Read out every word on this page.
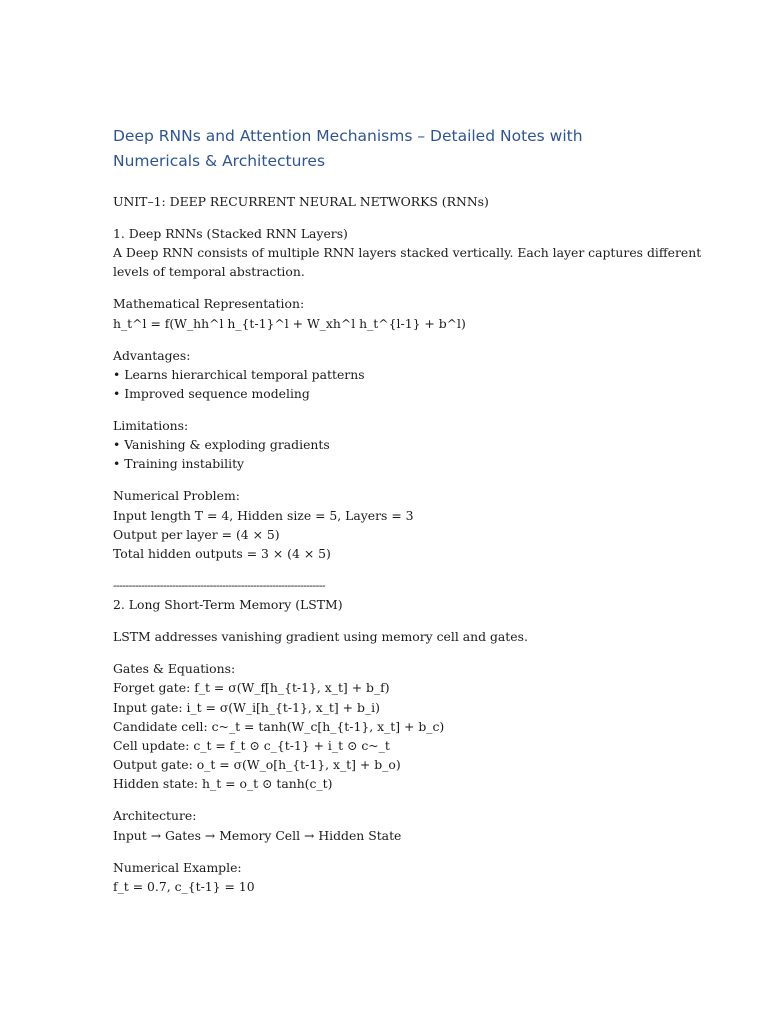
Deep RNNs and Attention Mechanisms – Detailed Notes with Numericals & Architectures
UNIT–1: DEEP RECURRENT NEURAL NETWORKS (RNNs)
1. Deep RNNs (Stacked RNN Layers)
A Deep RNN consists of multiple RNN layers stacked vertically. Each layer captures different
levels of temporal abstraction.
Mathematical Representation:
h_t^l = f(W_hh^l h_{t-1}^l + W_xh^l h_t^{l-1} + b^l)
Advantages:
• Learns hierarchical temporal patterns
• Improved sequence modeling
Limitations:
• Vanishing & exploding gradients
• Training instability
Numerical Problem:
Input length T = 4, Hidden size = 5, Layers = 3
Output per layer = (4 × 5)
Total hidden outputs = 3 × (4 × 5)
--------------------------------------------------------------------
2. Long Short-Term Memory (LSTM)
LSTM addresses vanishing gradient using memory cell and gates.
Gates & Equations:
Forget gate: f_t = σ(W_f[h_{t-1}, x_t] + b_f)
Input gate: i_t = σ(W_i[h_{t-1}, x_t] + b_i)
Candidate cell: c~_t = tanh(W_c[h_{t-1}, x_t] + b_c)
Cell update: c_t = f_t ⊙ c_{t-1} + i_t ⊙ c~_t
Output gate: o_t = σ(W_o[h_{t-1}, x_t] + b_o)
Hidden state: h_t = o_t ⊙ tanh(c_t)
Architecture:
Input → Gates → Memory Cell → Hidden State
Numerical Example:
f_t = 0.7, c_{t-1} = 10
